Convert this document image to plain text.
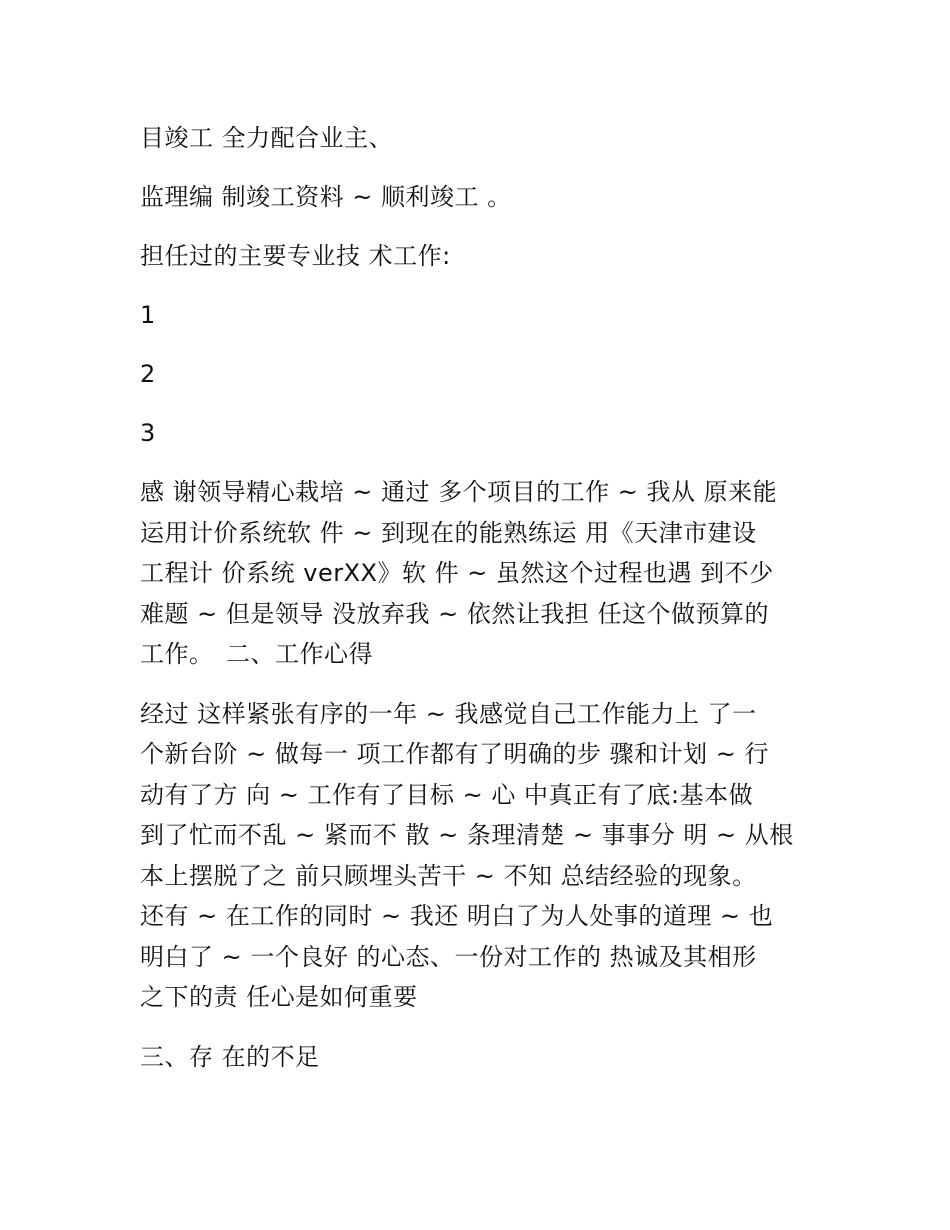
目竣工 全力配合业主、

监理编 制竣工资料 ~ 顺利竣工 。

担任过的主要专业技 术工作:

1

2

3

感 谢领导精心栽培 ~ 通过 多个项目的工作 ~ 我从 原来能
运用计价系统软 件 ~ 到现在的能熟练运 用《天津市建设
工程计 价系统 verXX》软 件 ~ 虽然这个过程也遇 到不少
难题 ~ 但是领导 没放弃我 ~ 依然让我担 任这个做预算的
工作。　二、工作心得

经过 这样紧张有序的一年 ~ 我感觉自己工作能力上 了一
个新台阶 ~ 做每一 项工作都有了明确的步 骤和计划 ~ 行
动有了方 向 ~ 工作有了目标 ~ 心 中真正有了底:基本做
到了忙而不乱 ~ 紧而不 散 ~ 条理清楚 ~ 事事分 明 ~ 从根
本上摆脱了之 前只顾埋头苦干 ~ 不知 总结经验的现象。
还有 ~ 在工作的同时 ~ 我还 明白了为人处事的道理 ~ 也
明白了 ~ 一个良好 的心态、一份对工作的 热诚及其相形
之下的责 任心是如何重要

三、存 在的不足
